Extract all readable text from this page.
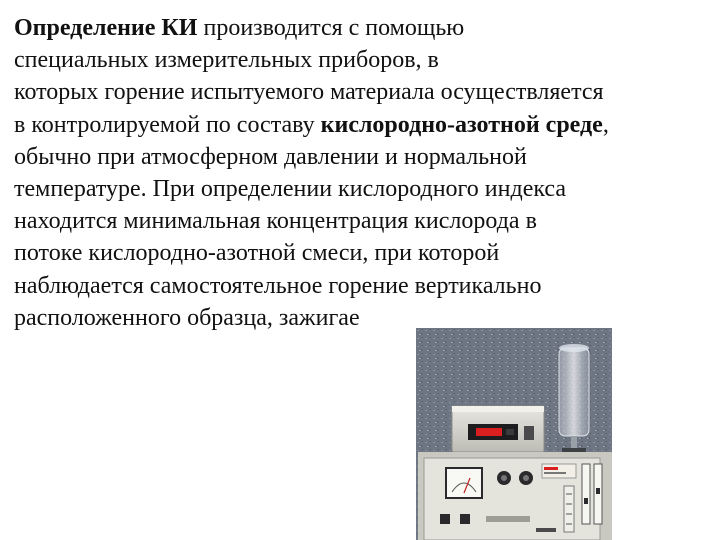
Определение КИ производится с помощью
специальных измерительных приборов, в
которых горение испытуемого материала осуществляется
в контролируемой по составу кислородно-азотной среде,
обычно при атмосферном давлении и нормальной
температуре. При определении кислородного индекса
находится минимальная концентрация кислорода в
потоке кислородно-азотной смеси, при которой
наблюдается самостоятельное горение вертикально
расположенного образца, зажигае
